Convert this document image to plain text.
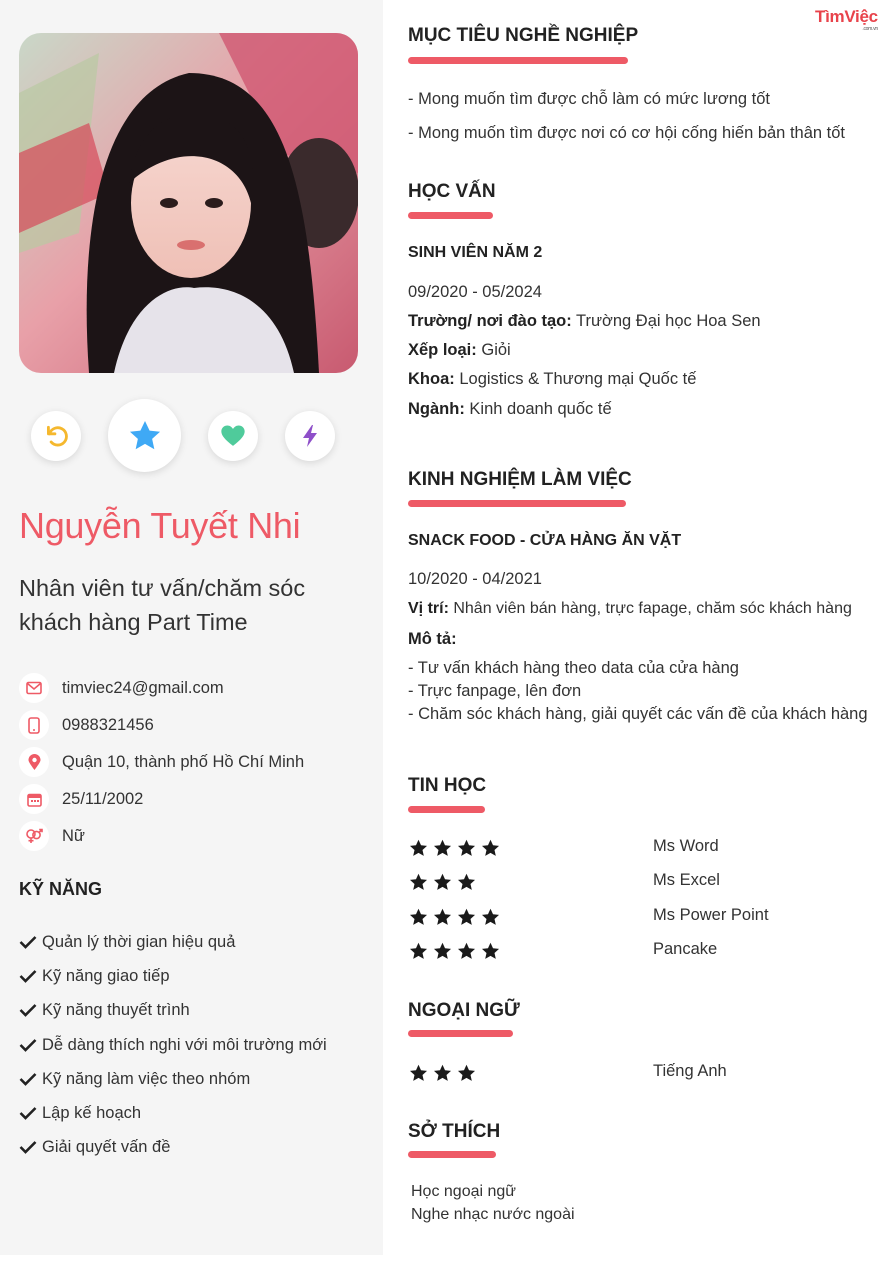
Nguyễn Tuyết Nhi
Nhân viên tư vấn/chăm sóc khách hàng Part Time
timviec24@gmail.com
0988321456
Quận 10, thành phố Hồ Chí Minh
25/11/2002
Nữ
KỸ NĂNG
Quản lý thời gian hiệu quả
Kỹ năng giao tiếp
Kỹ năng thuyết trình
Dễ dàng thích nghi với môi trường mới
Kỹ năng làm việc theo nhóm
Lập kế hoạch
Giải quyết vấn đề
TìmViệc
.com.vn
MỤC TIÊU NGHỀ NGHIỆP
- Mong muốn tìm được chỗ làm có mức lương tốt
- Mong muốn tìm được nơi có cơ hội cống hiến bản thân tốt
HỌC VẤN
SINH VIÊN NĂM 2
09/2020 - 05/2024
Trường/ nơi đào tạo: Trường Đại học Hoa Sen
Xếp loại: Giỏi
Khoa: Logistics & Thương mại Quốc tế
Ngành: Kinh doanh quốc tế
KINH NGHIỆM LÀM VIỆC
SNACK FOOD - CỬA HÀNG ĂN VẶT
10/2020 - 04/2021
Vị trí: Nhân viên bán hàng, trực fapage, chăm sóc khách hàng
Mô tả:
- Tư vấn khách hàng theo data của cửa hàng
- Trực fanpage, lên đơn
- Chăm sóc khách hàng, giải quyết các vấn đề của khách hàng
TIN HỌC
Ms Word
Ms Excel
Ms Power Point
Pancake
NGOẠI NGỮ
Tiếng Anh
SỞ THÍCH
Học ngoại ngữ
Nghe nhạc nước ngoài
